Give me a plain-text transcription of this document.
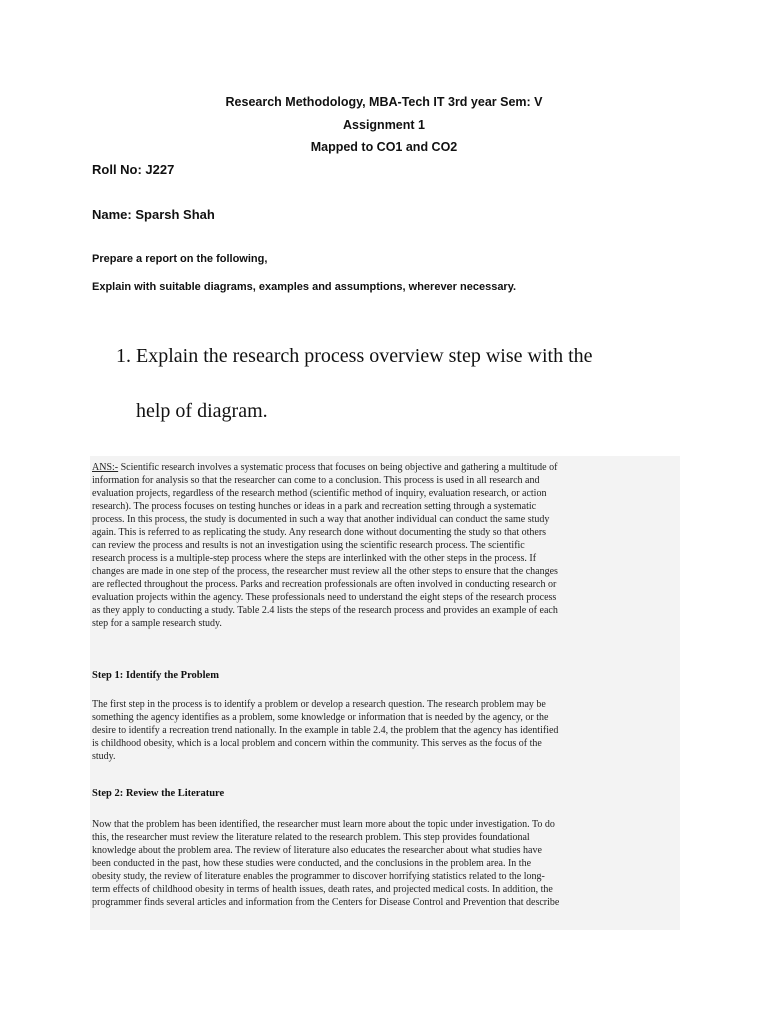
Research Methodology, MBA-Tech IT 3rd year Sem: V
Assignment 1
Mapped to CO1 and CO2
Roll No: J227
Name: Sparsh Shah
Prepare a report on the following,
Explain with suitable diagrams, examples and assumptions, wherever necessary.
1. Explain the research process overview step wise with the
help of diagram.
ANS:- Scientific research involves a systematic process that focuses on being objective and gathering a multitude of
information for analysis so that the researcher can come to a conclusion. This process is used in all research and
evaluation projects, regardless of the research method (scientific method of inquiry, evaluation research, or action
research). The process focuses on testing hunches or ideas in a park and recreation setting through a systematic
process. In this process, the study is documented in such a way that another individual can conduct the same study
again. This is referred to as replicating the study. Any research done without documenting the study so that others
can review the process and results is not an investigation using the scientific research process. The scientific
research process is a multiple-step process where the steps are interlinked with the other steps in the process. If
changes are made in one step of the process, the researcher must review all the other steps to ensure that the changes
are reflected throughout the process. Parks and recreation professionals are often involved in conducting research or
evaluation projects within the agency. These professionals need to understand the eight steps of the research process
as they apply to conducting a study. Table 2.4 lists the steps of the research process and provides an example of each
step for a sample research study.
Step 1: Identify the Problem
The first step in the process is to identify a problem or develop a research question. The research problem may be
something the agency identifies as a problem, some knowledge or information that is needed by the agency, or the
desire to identify a recreation trend nationally. In the example in table 2.4, the problem that the agency has identified
is childhood obesity, which is a local problem and concern within the community. This serves as the focus of the
study.
Step 2: Review the Literature
Now that the problem has been identified, the researcher must learn more about the topic under investigation. To do
this, the researcher must review the literature related to the research problem. This step provides foundational
knowledge about the problem area. The review of literature also educates the researcher about what studies have
been conducted in the past, how these studies were conducted, and the conclusions in the problem area. In the
obesity study, the review of literature enables the programmer to discover horrifying statistics related to the long-
term effects of childhood obesity in terms of health issues, death rates, and projected medical costs. In addition, the
programmer finds several articles and information from the Centers for Disease Control and Prevention that describe
